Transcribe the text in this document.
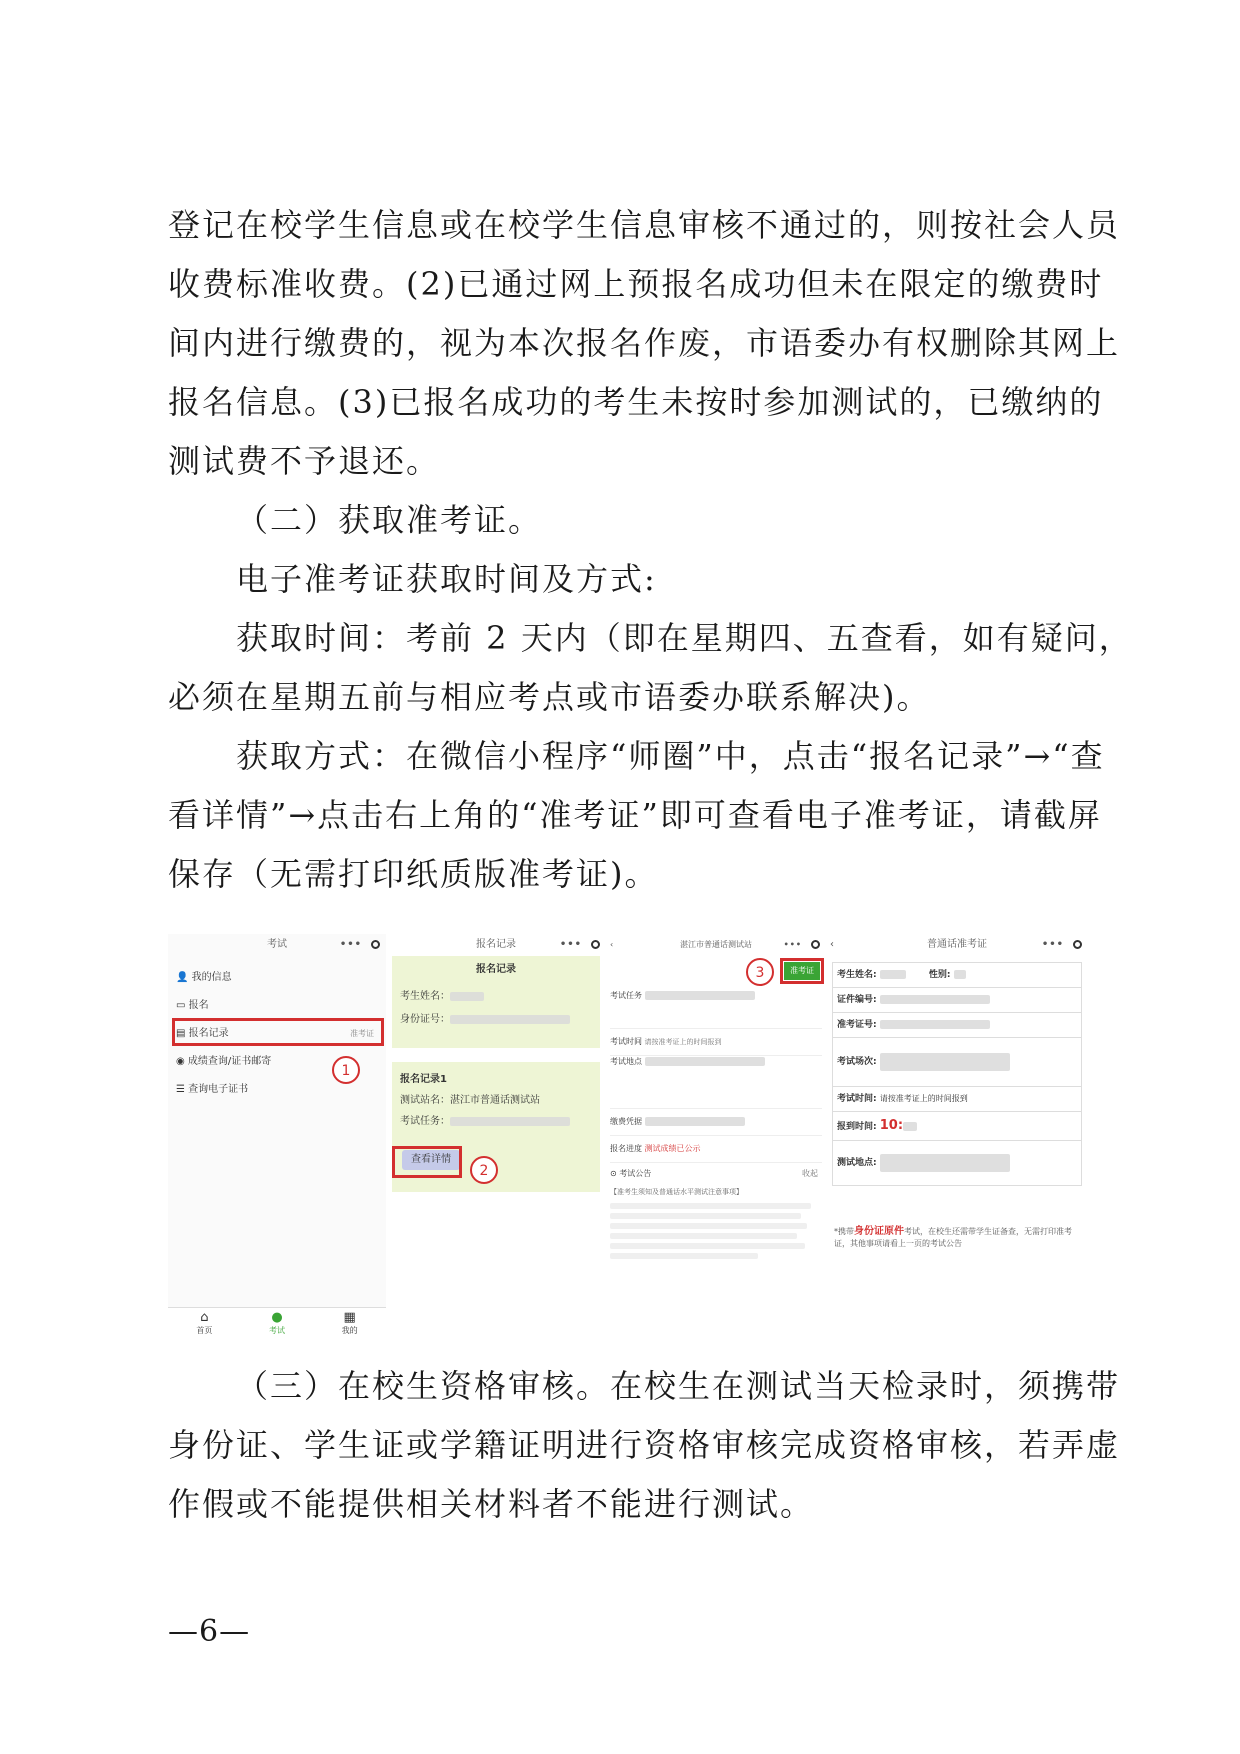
登记在校学生信息或在校学生信息审核不通过的，则按社会人员
收费标准收费。(2)已通过网上预报名成功但未在限定的缴费时
间内进行缴费的，视为本次报名作废，市语委办有权删除其网上
报名信息。(3)已报名成功的考生未按时参加测试的，已缴纳的
测试费不予退还。
（二）获取准考证。
电子准考证获取时间及方式:
获取时间：考前 2 天内（即在星期四、五查看，如有疑问，
必须在星期五前与相应考点或市语委办联系解决)。
获取方式：在微信小程序“师圈”中，点击“报名记录”→“查
看详情”→点击右上角的“准考证”即可查看电子准考证，请截屏
保存（无需打印纸质版准考证)。
考试	•••
👤 我的信息
▭ 报名
▤ 报名记录	准考证
◉ 成绩查询/证书邮寄
☰ 查询电子证书
1
⌂
首页
●
考试
▦
我的
报名记录	•••
报名记录
考生姓名：
身份证号：
报名记录1
测试站名：湛江市普通话测试站
考试任务：
查看详情
2
‹	湛江市普通话测试站	•••
准考证
3
考试任务
考试时间 请按准考证上的时间报到
考试地点
缴费凭据
报名进度 测试成绩已公示
⊙ 考试公告	收起
【准考生须知及普通话水平测试注意事项】

‹	普通话准考证	•••
考生姓名:	性别:
证件编号:
准考证号:
考试场次:
考试时间: 请按准考证上的时间报到
报到时间: 10:
测试地点:
*携带身份证原件考试，在校生还需带学生证备查，无需打印准考证，其他事项请看上一页的考试公告
（三）在校生资格审核。在校生在测试当天检录时，须携带
身份证、学生证或学籍证明进行资格审核完成资格审核，若弄虚
作假或不能提供相关材料者不能进行测试。
—6—
